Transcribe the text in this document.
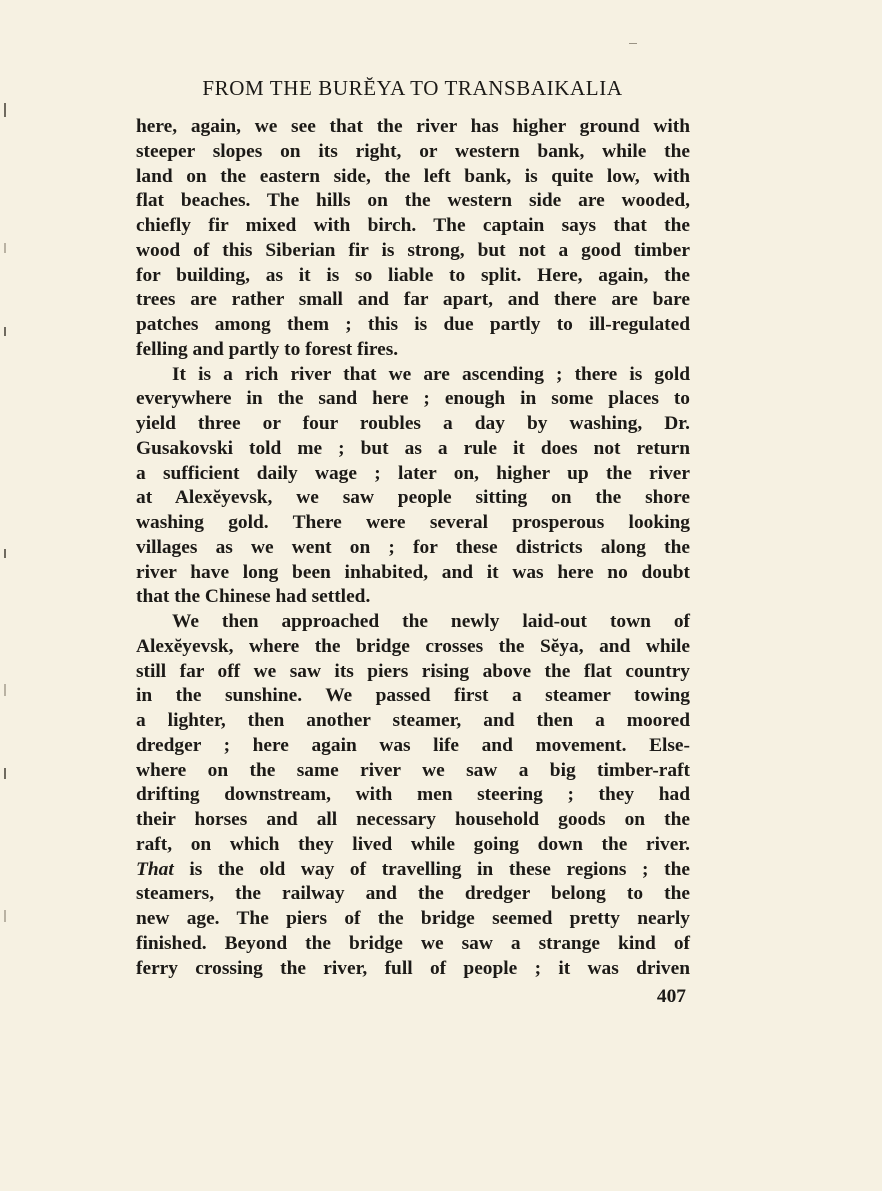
FROM THE BURĔYA TO TRANSBAIKALIA
here, again, we see that the river has higher ground with
steeper slopes on its right, or western bank, while the
land on the eastern side, the left bank, is quite low, with
flat beaches. The hills on the western side are wooded,
chiefly fir mixed with birch. The captain says that the
wood of this Siberian fir is strong, but not a good timber
for building, as it is so liable to split. Here, again, the
trees are rather small and far apart, and there are bare
patches among them ; this is due partly to ill-regulated
felling and partly to forest fires.
It is a rich river that we are ascending ; there is gold
everywhere in the sand here ; enough in some places to
yield three or four roubles a day by washing, Dr.
Gusakovski told me ; but as a rule it does not return
a sufficient daily wage ; later on, higher up the river
at Alexĕyevsk, we saw people sitting on the shore
washing gold. There were several prosperous looking
villages as we went on ; for these districts along the
river have long been inhabited, and it was here no doubt
that the Chinese had settled.
We then approached the newly laid-out town of
Alexĕyevsk, where the bridge crosses the Sĕya, and while
still far off we saw its piers rising above the flat country
in the sunshine. We passed first a steamer towing
a lighter, then another steamer, and then a moored
dredger ; here again was life and movement. Else-
where on the same river we saw a big timber-raft
drifting downstream, with men steering ; they had
their horses and all necessary household goods on the
raft, on which they lived while going down the river.
That is the old way of travelling in these regions ; the
steamers, the railway and the dredger belong to the
new age. The piers of the bridge seemed pretty nearly
finished. Beyond the bridge we saw a strange kind of
ferry crossing the river, full of people ; it was driven
407
